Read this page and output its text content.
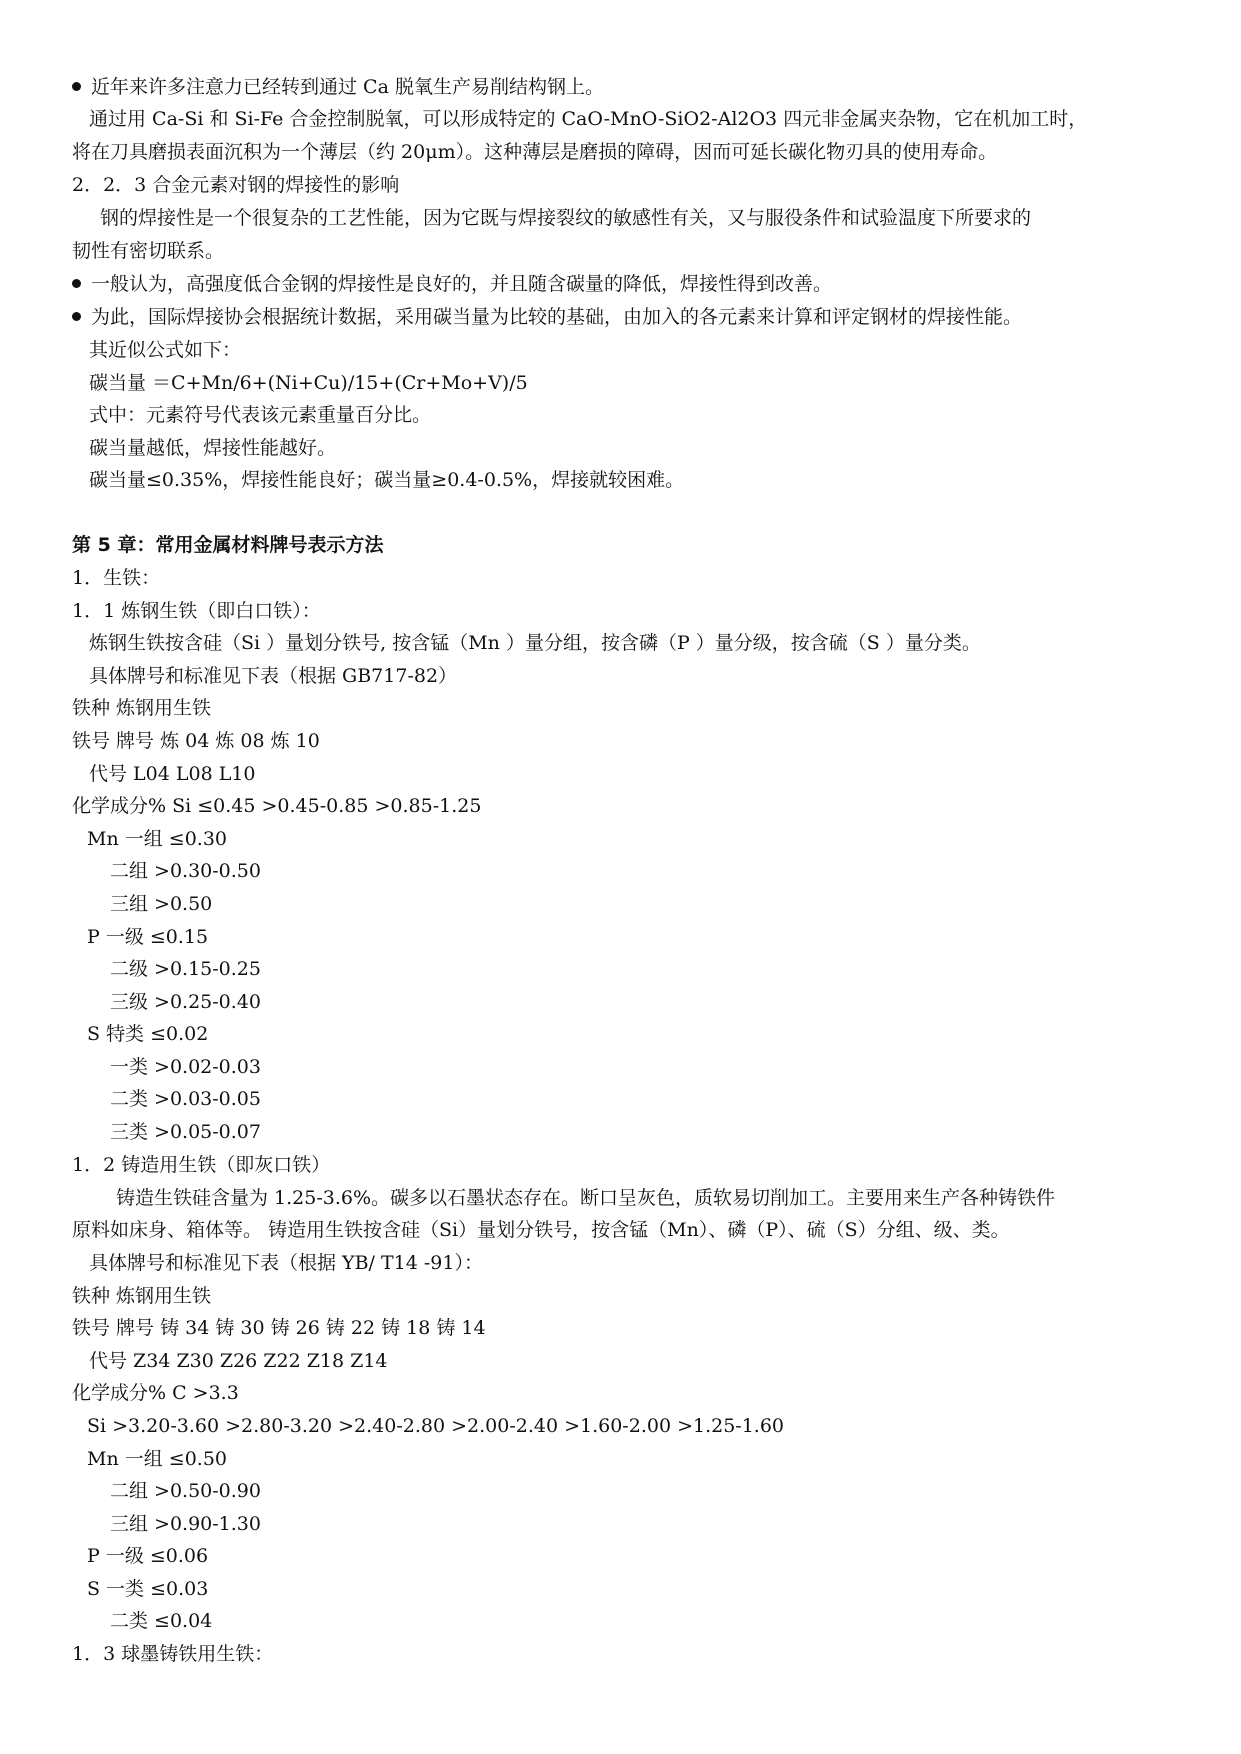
近年来许多注意力已经转到通过 Ca 脱氧生产易削结构钢上。
通过用 Ca-Si 和 Si-Fe 合金控制脱氧，可以形成特定的 CaO-MnO-SiO2-Al2O3 四元非金属夹杂物，它在机加工时，
将在刀具磨损表面沉积为一个薄层（约 20μm）。这种薄层是磨损的障碍，因而可延长碳化物刃具的使用寿命。
2．2．3 合金元素对钢的焊接性的影响
钢的焊接性是一个很复杂的工艺性能，因为它既与焊接裂纹的敏感性有关，又与服役条件和试验温度下所要求的
韧性有密切联系。
一般认为，高强度低合金钢的焊接性是良好的，并且随含碳量的降低，焊接性得到改善。
为此，国际焊接协会根据统计数据，采用碳当量为比较的基础，由加入的各元素来计算和评定钢材的焊接性能。
其近似公式如下：
碳当量 ＝C+Mn/6+(Ni+Cu)/15+(Cr+Mo+V)/5
式中：元素符号代表该元素重量百分比。
碳当量越低，焊接性能越好。
碳当量≤0.35%，焊接性能良好；碳当量≥0.4-0.5%，焊接就较困难。
第 5 章：常用金属材料牌号表示方法
1．生铁：
1．1 炼钢生铁（即白口铁）：
炼钢生铁按含硅（Si ）量划分铁号, 按含锰（Mn ）量分组，按含磷（P ）量分级，按含硫（S ）量分类。
具体牌号和标准见下表（根据 GB717-82）
铁种 炼钢用生铁
铁号 牌号 炼 04 炼 08 炼 10
代号 L04 L08 L10
化学成分% Si ≤0.45 >0.45-0.85 >0.85-1.25
Mn 一组 ≤0.30
二组 >0.30-0.50
三组 >0.50
P 一级 ≤0.15
二级 >0.15-0.25
三级 >0.25-0.40
S 特类 ≤0.02
一类 >0.02-0.03
二类 >0.03-0.05
三类 >0.05-0.07
1．2 铸造用生铁（即灰口铁）
铸造生铁硅含量为 1.25-3.6%。碳多以石墨状态存在。断口呈灰色，质软易切削加工。主要用来生产各种铸铁件
原料如床身、箱体等。 铸造用生铁按含硅（Si）量划分铁号，按含锰（Mn）、磷（P）、硫（S）分组、级、类。
具体牌号和标准见下表（根据 YB/ T14 -91）：
铁种 炼钢用生铁
铁号 牌号 铸 34 铸 30 铸 26 铸 22 铸 18 铸 14
代号 Z34 Z30 Z26 Z22 Z18 Z14
化学成分% C >3.3
Si >3.20-3.60 >2.80-3.20 >2.40-2.80 >2.00-2.40 >1.60-2.00 >1.25-1.60
Mn 一组 ≤0.50
二组 >0.50-0.90
三组 >0.90-1.30
P 一级 ≤0.06
S 一类 ≤0.03
二类 ≤0.04
1．3 球墨铸铁用生铁：
